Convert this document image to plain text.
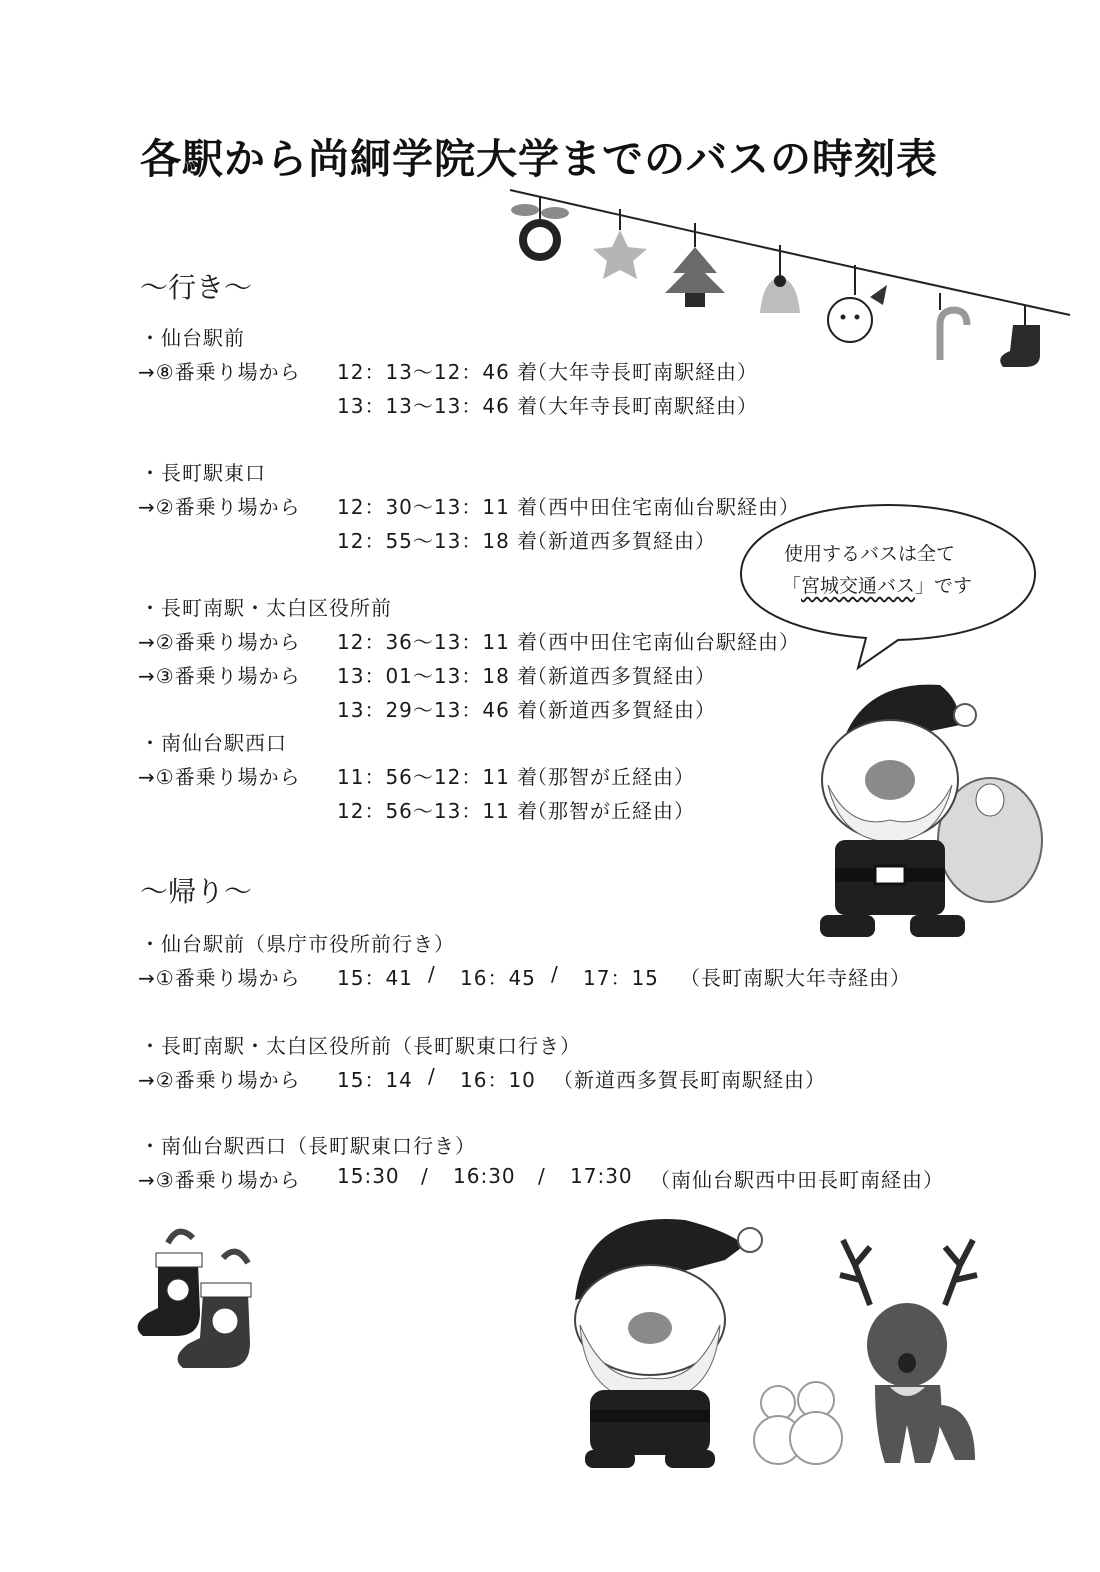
各駅から尚絅学院大学までのバスの時刻表
～行き～
・仙台駅前
→⑧番乗り場から 12：13～12：46 着
（大年寺長町南駅経由）
13：13～13：46 着
（大年寺長町南駅経由）
・長町駅東口
→②番乗り場から 12：30～13：11 着
（西中田住宅南仙台駅経由）
12：55～13：18 着
（新道西多賀経由）
・長町南駅・太白区役所前
→②番乗り場から 12：36～13：11 着
（西中田住宅南仙台駅経由）
→③番乗り場から 13：01～13：18 着
（新道西多賀経由）
13：29～13：46 着
（新道西多賀経由）
・南仙台駅西口
→①番乗り場から 11：56～12：11 着
（那智が丘経由）
12：56～13：11 着
（那智が丘経由）
使用するバスは全て
「宮城交通バス」です
～帰り～
・仙台駅前（県庁市役所前行き）
→①番乗り場から 15：41 / 16：45 / 17：15 （長町南駅大年寺経由）
・長町南駅・太白区役所前（長町駅東口行き）
→②番乗り場から 15：14 / 16：10 （新道西多賀長町南駅経由）
・南仙台駅西口（長町駅東口行き）
→③番乗り場から 15:30 / 16:30 / 17:30 （南仙台駅西中田長町南経由）
